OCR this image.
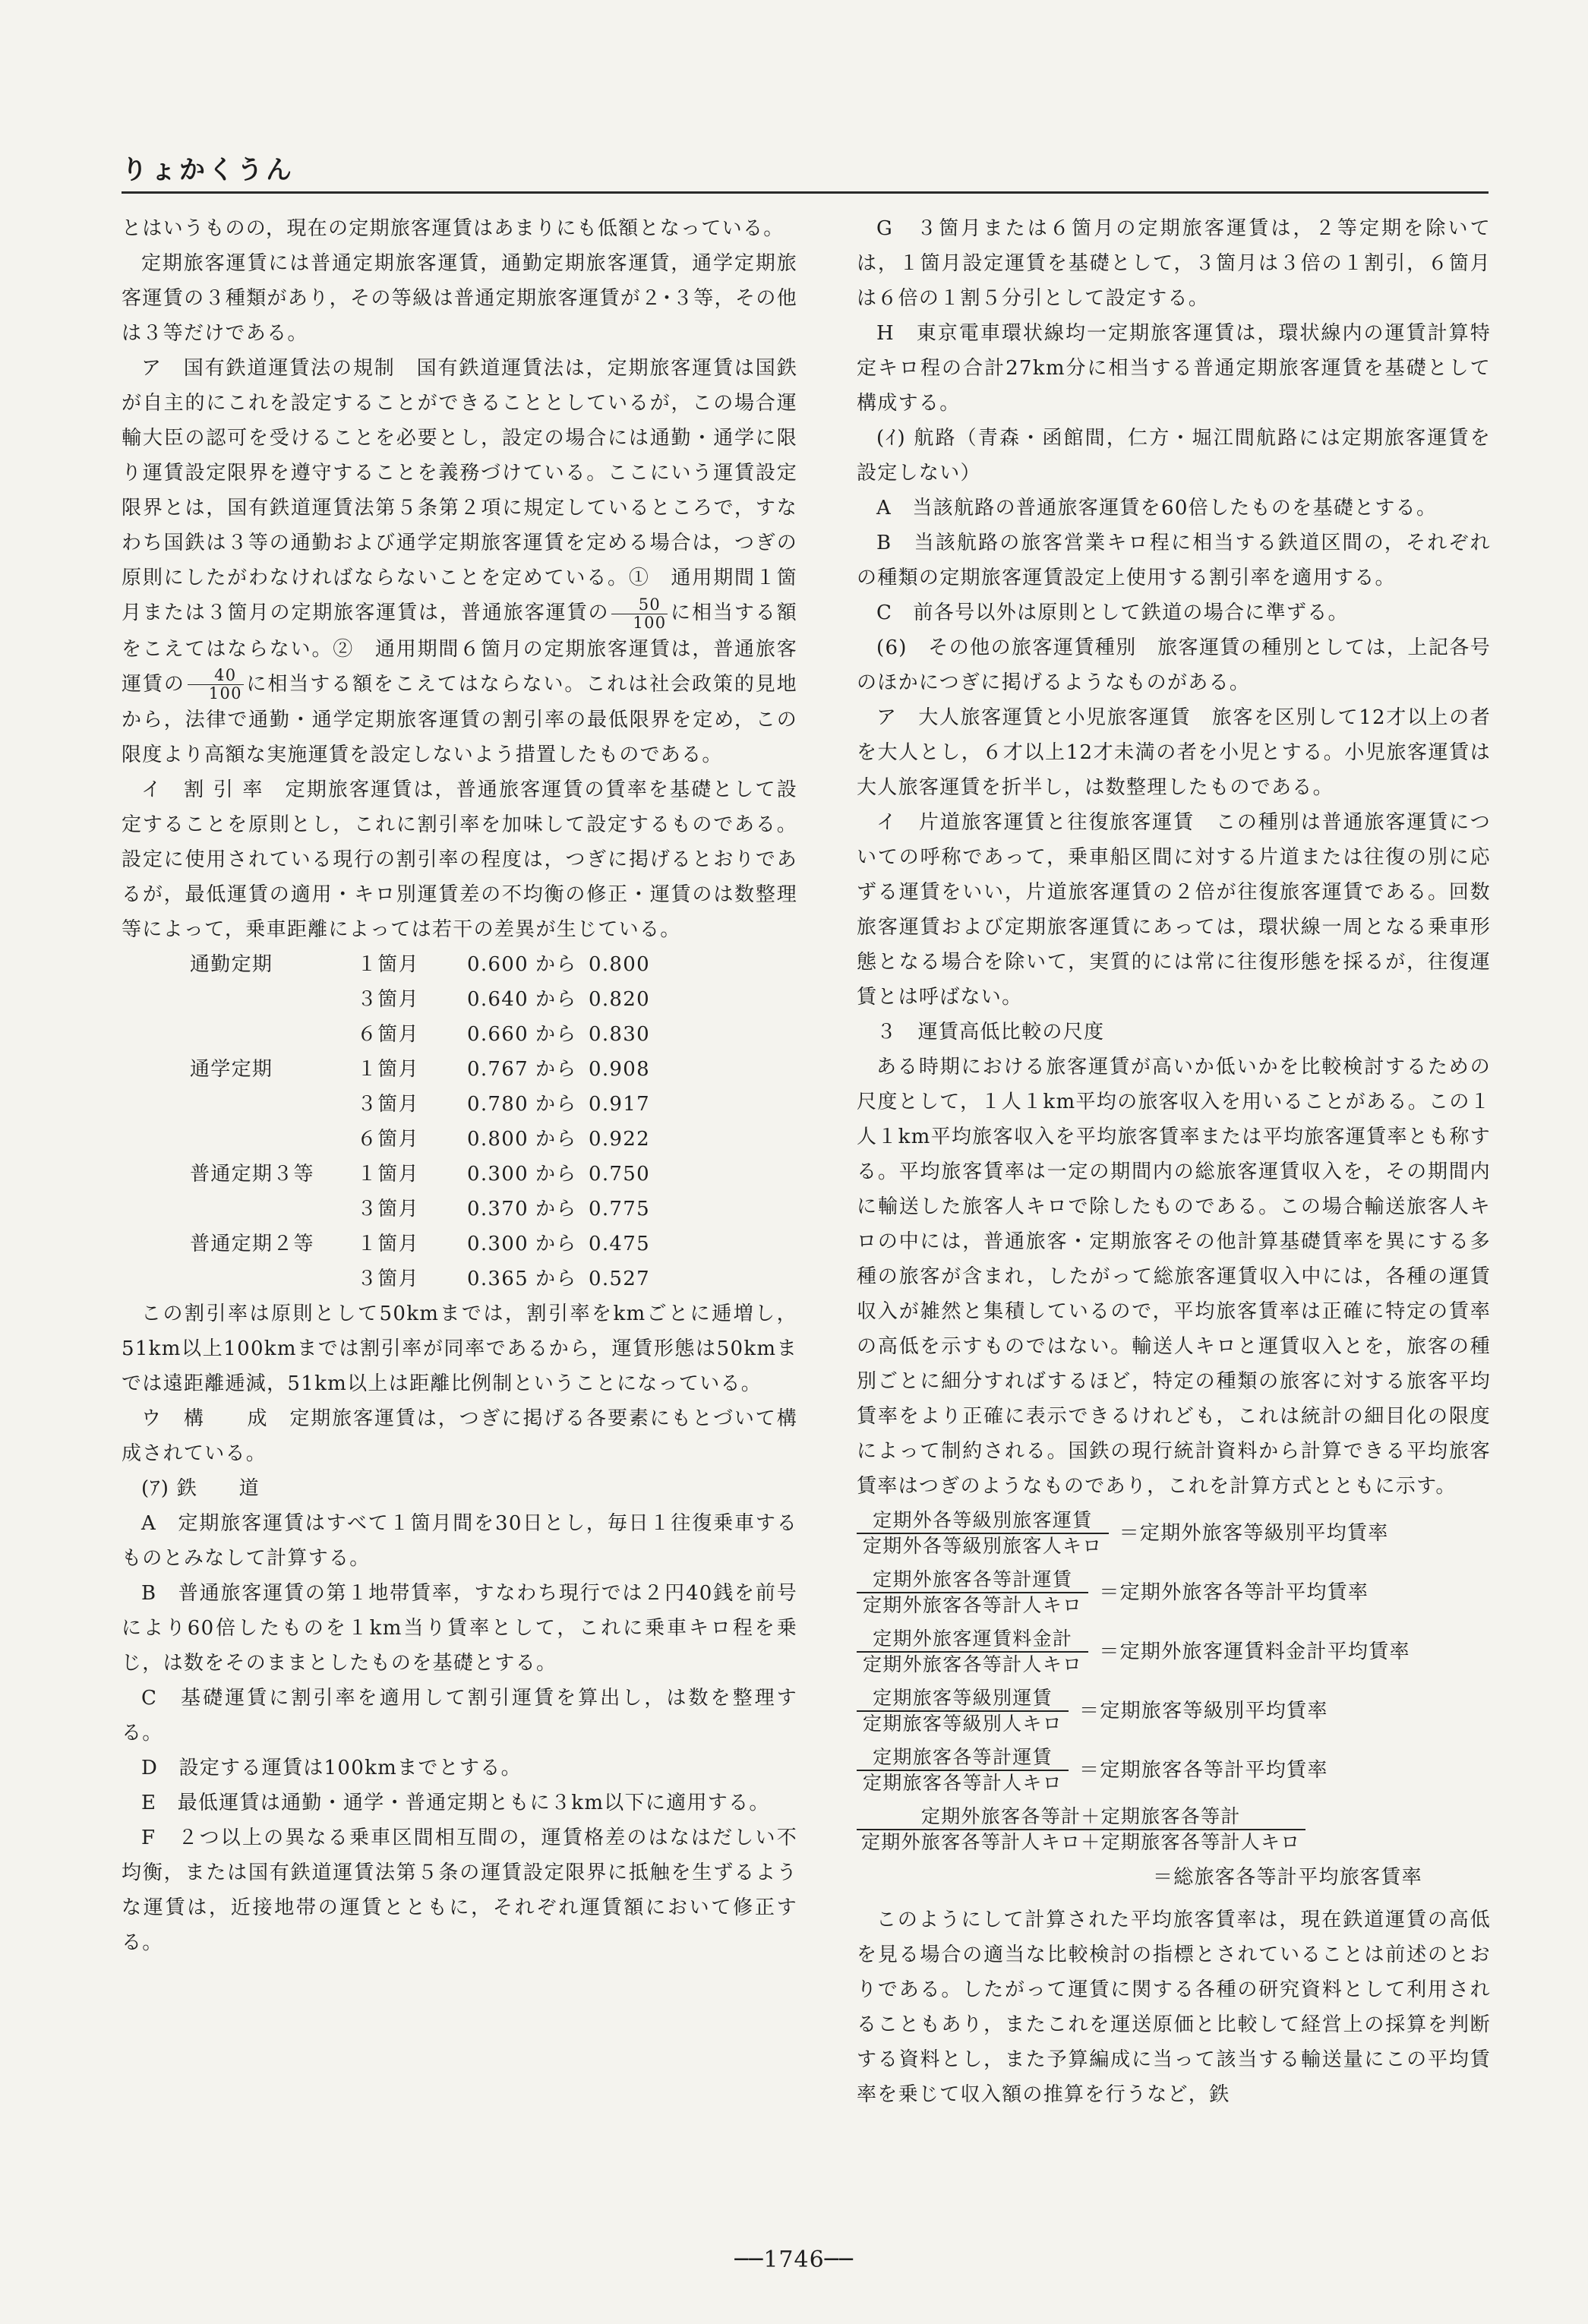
りょかくうん

とはいうものの，現在の定期旅客運賃はあまりにも低額となっている。

定期旅客運賃には普通定期旅客運賃，通勤定期旅客運賃，通学定期旅客運賃の３種類があり，その等級は普通定期旅客運賃が２･３等，その他は３等だけである。

ア　国有鉄道運賃法の規制　国有鉄道運賃法は，定期旅客運賃は国鉄が自主的にこれを設定することができることとしているが，この場合運輸大臣の認可を受けることを必要とし，設定の場合には通勤・通学に限り運賃設定限界を遵守することを義務づけている。ここにいう運賃設定限界とは，国有鉄道運賃法第５条第２項に規定しているところで，すなわち国鉄は３等の通勤および通学定期旅客運賃を定める場合は，つぎの原則にしたがわなければならないことを定めている。①　通用期間１箇月または３箇月の定期旅客運賃は，普通旅客運賃の $\frac{50}{100}$ に相当する額をこえてはならない。②　通用期間６箇月の定期旅客運賃は，普通旅客運賃の $\frac{40}{100}$ に相当する額をこえてはならない。これは社会政策的見地から，法律で通勤・通学定期旅客運賃の割引率の最低限界を定め，この限度より高額な実施運賃を設定しないよう措置したものである。

イ　割 引 率　定期旅客運賃は，普通旅客運賃の賃率を基礎として設定することを原則とし，これに割引率を加味して設定するものである。設定に使用されている現行の割引率の程度は，つぎに掲げるとおりであるが，最低運賃の適用・キロ別運賃差の不均衡の修正・運賃のは数整理等によって，乗車距離によっては若干の差異が生じている。

通勤定期	１箇月	0.600	から	0.800
	３箇月	0.640	から	0.820
	６箇月	0.660	から	0.830
通学定期	１箇月	0.767	から	0.908
	３箇月	0.780	から	0.917
	６箇月	0.800	から	0.922
普通定期３等	１箇月	0.300	から	0.750
	３箇月	0.370	から	0.775
普通定期２等	１箇月	0.300	から	0.475
	３箇月	0.365	から	0.527

この割引率は原則として50kmまでは，割引率をkmごとに逓増し，51km以上100kmまでは割引率が同率であるから，運賃形態は50kmまでは遠距離逓減，51km以上は距離比例制ということになっている。

ウ　構　　成　定期旅客運賃は，つぎに掲げる各要素にもとづいて構成されている。

(ｱ) 鉄　　道

A　定期旅客運賃はすべて１箇月間を30日とし，毎日１往復乗車するものとみなして計算する。

B　普通旅客運賃の第１地帯賃率，すなわち現行では２円40銭を前号により60倍したものを１km当り賃率として，これに乗車キロ程を乗じ，は数をそのままとしたものを基礎とする。

C　基礎運賃に割引率を適用して割引運賃を算出し，は数を整理する。

D　設定する運賃は100kmまでとする。

E　最低運賃は通勤・通学・普通定期ともに３km以下に適用する。

F　２つ以上の異なる乗車区間相互間の，運賃格差のはなはだしい不均衡，または国有鉄道運賃法第５条の運賃設定限界に抵触を生ずるような運賃は，近接地帯の運賃とともに，それぞれ運賃額において修正する。

G　３箇月または６箇月の定期旅客運賃は，２等定期を除いては，１箇月設定運賃を基礎として，３箇月は３倍の１割引，６箇月は６倍の１割５分引として設定する。

H　東京電車環状線均一定期旅客運賃は，環状線内の運賃計算特定キロ程の合計27km分に相当する普通定期旅客運賃を基礎として構成する。

(ｲ) 航路（青森・函館間，仁方・堀江間航路には定期旅客運賃を設定しない）

A　当該航路の普通旅客運賃を60倍したものを基礎とする。

B　当該航路の旅客営業キロ程に相当する鉄道区間の，それぞれの種類の定期旅客運賃設定上使用する割引率を適用する。

C　前各号以外は原則として鉄道の場合に準ずる。

(6)　その他の旅客運賃種別　旅客運賃の種別としては，上記各号のほかにつぎに掲げるようなものがある。

ア　大人旅客運賃と小児旅客運賃　旅客を区別して12才以上の者を大人とし，６才以上12才未満の者を小児とする。小児旅客運賃は大人旅客運賃を折半し，は数整理したものである。

イ　片道旅客運賃と往復旅客運賃　この種別は普通旅客運賃についての呼称であって，乗車船区間に対する片道または往復の別に応ずる運賃をいい，片道旅客運賃の２倍が往復旅客運賃である。回数旅客運賃および定期旅客運賃にあっては，環状線一周となる乗車形態となる場合を除いて，実質的には常に往復形態を採るが，往復運賃とは呼ばない。

３　運賃高低比較の尺度

ある時期における旅客運賃が高いか低いかを比較検討するための尺度として，１人１km平均の旅客収入を用いることがある。この１人１km平均旅客収入を平均旅客賃率または平均旅客運賃率とも称する。平均旅客賃率は一定の期間内の総旅客運賃収入を，その期間内に輸送した旅客人キロで除したものである。この場合輸送旅客人キロの中には，普通旅客・定期旅客その他計算基礎賃率を異にする多種の旅客が含まれ，したがって総旅客運賃収入中には，各種の運賃収入が雑然と集積しているので，平均旅客賃率は正確に特定の賃率の高低を示すものではない。輸送人キロと運賃収入とを，旅客の種別ごとに細分すればするほど，特定の種類の旅客に対する旅客平均賃率をより正確に表示できるけれども，これは統計の細目化の限度によって制約される。国鉄の現行統計資料から計算できる平均旅客賃率はつぎのようなものであり，これを計算方式とともに示す。

$\frac{\text{定期外各等級別旅客運賃}}{\text{定期外各等級別旅客人キロ}}$ ＝定期外旅客等級別平均賃率
$\frac{\text{定期外旅客各等計運賃}}{\text{定期外旅客各等計人キロ}}$ ＝定期外旅客各等計平均賃率
$\frac{\text{定期外旅客運賃料金計}}{\text{定期外旅客各等計人キロ}}$ ＝定期外旅客運賃料金計平均賃率
$\frac{\text{定期旅客等級別運賃}}{\text{定期旅客等級別人キロ}}$ ＝定期旅客等級別平均賃率
$\frac{\text{定期旅客各等計運賃}}{\text{定期旅客各等計人キロ}}$ ＝定期旅客各等計平均賃率
$\frac{\text{定期外旅客各等計＋定期旅客各等計}}{\text{定期外旅客各等計人キロ＋定期旅客各等計人キロ}}$
＝総旅客各等計平均旅客賃率

このようにして計算された平均旅客賃率は，現在鉄道運賃の高低を見る場合の適当な比較検討の指標とされていることは前述のとおりである。したがって運賃に関する各種の研究資料として利用されることもあり，またこれを運送原価と比較して経営上の採算を判断する資料とし，また予算編成に当って該当する輸送量にこの平均賃率を乗じて収入額の推算を行うなど，鉄

──1746──
